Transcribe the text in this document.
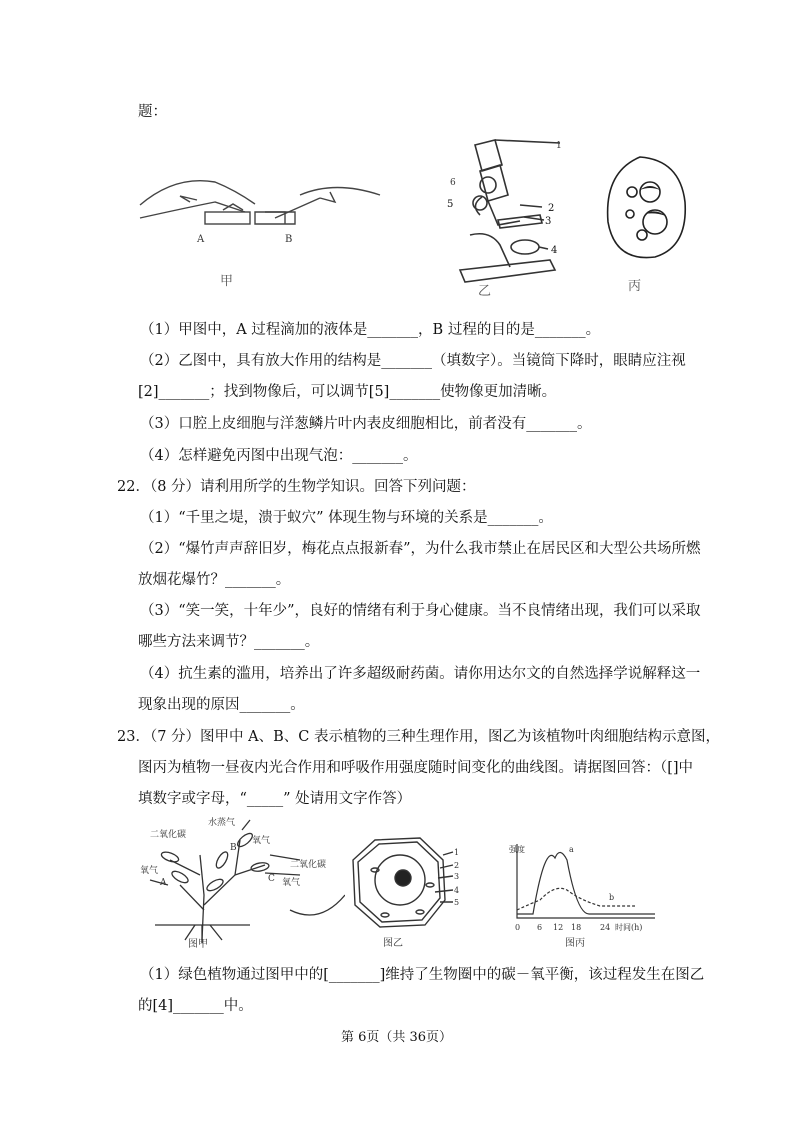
题：
A	B
甲
1
2
3
4
5
6
乙	丙
（1）甲图中，A 过程滴加的液体是_______，B 过程的目的是_______。
（2）乙图中，具有放大作用的结构是_______（填数字）。当镜筒下降时，眼睛应注视
[2]_______；找到物像后，可以调节[5]_______使物像更加清晰。
（3）口腔上皮细胞与洋葱鳞片叶内表皮细胞相比，前者没有_______。
（4）怎样避免丙图中出现气泡：_______。
22．（8 分）请利用所学的生物学知识。回答下列问题：
（1）“千里之堤，溃于蚁穴” 体现生物与环境的关系是_______。
（2）“爆竹声声辞旧岁，梅花点点报新春”，为什么我市禁止在居民区和大型公共场所燃
放烟花爆竹？_______。
（3）“笑一笑，十年少”，良好的情绪有利于身心健康。当不良情绪出现，我们可以采取
哪些方法来调节？_______。
（4）抗生素的滥用，培养出了许多超级耐药菌。请你用达尔文的自然选择学说解释这一
现象出现的原因_______。
23．（7 分）图甲中 A、B、C 表示植物的三种生理作用，图乙为该植物叶肉细胞结构示意图，
图丙为植物一昼夜内光合作用和呼吸作用强度随时间变化的曲线图。请据图回答：（[]中
填数字或字母，“_____” 处请用文字作答）
水蒸气
二氧化碳
B
氧气
氧气
A	C
二氧化碳
氧气
图甲
1
2
3
4
5
图乙
强度	a
b
0 6 12 18 24 时间(h)
图丙
（1）绿色植物通过图甲中的[_______]维持了生物圈中的碳－氧平衡，该过程发生在图乙
的[4]_______中。
第 6页（共 36页）
